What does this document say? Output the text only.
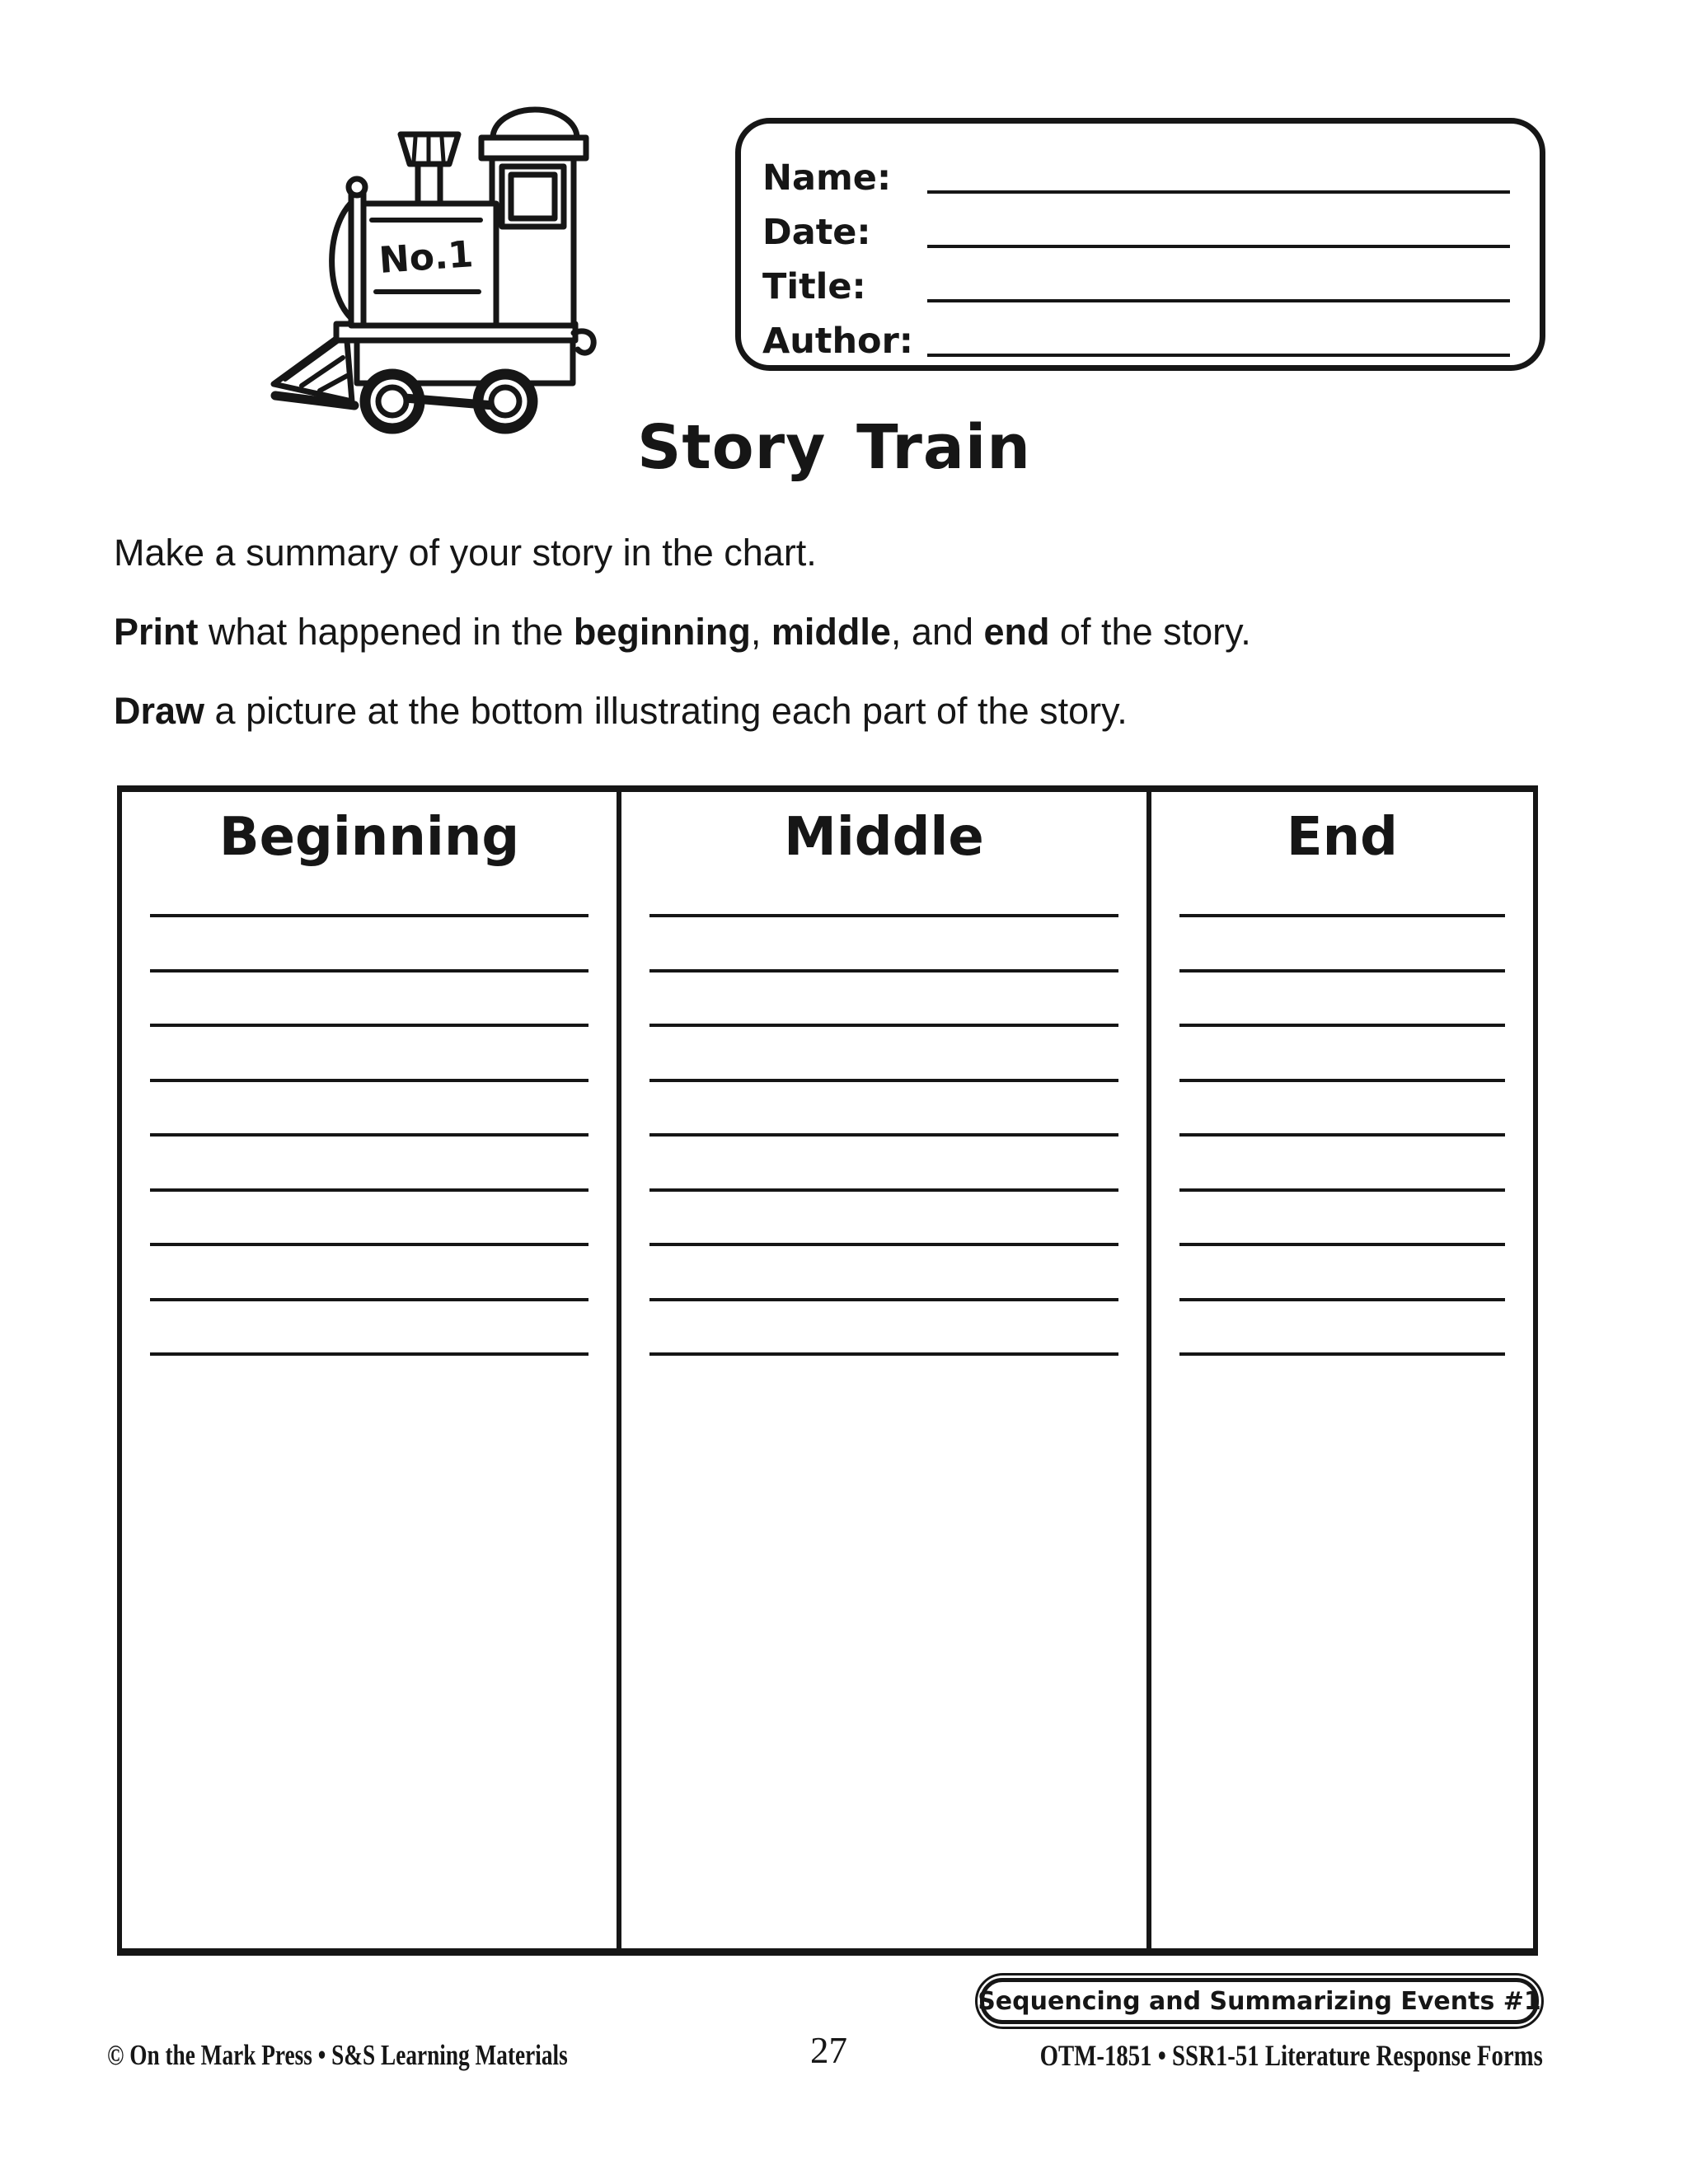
No.1
Name:
Date:
Title:
Author:
Story Train

Make a summary of your story in the chart.

Print what happened in the beginning, middle, and end of the story.

Draw a picture at the bottom illustrating each part of the story.

Beginning	Middle	End
Sequencing and Summarizing Events #1
© On the Mark Press • S&S Learning Materials	27	OTM-1851 • SSR1-51 Literature Response Forms
